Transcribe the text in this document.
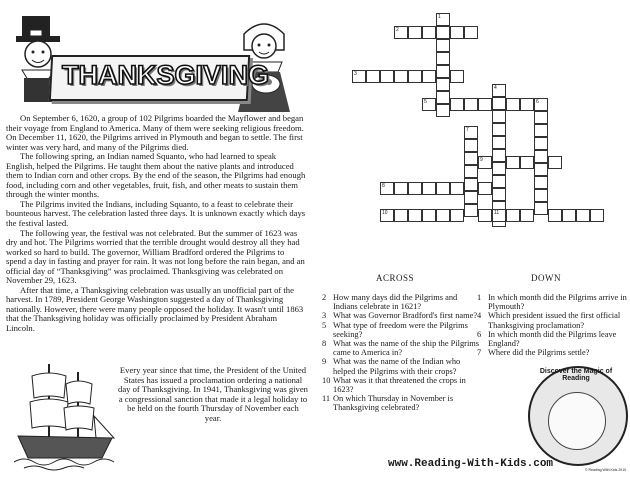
THANKSGIVING

On September 6, 1620, a group of 102 Pilgrims boarded the Mayflower and began their voyage from England to America. Many of them were seeking religious freedom. On December 11, 1620, the Pilgrims arrived in Plymouth and began to settle. The first winter was very hard, and many of the Pilgrims died.

The following spring, an Indian named Squanto, who had learned to speak English, helped the Pilgrims. He taught them about the native plants and introduced them to Indian corn and other crops. By the end of the season, the Pilgrims had enough food, including corn and other vegetables, fruit, fish, and other meats to sustain them through the winter months.

The Pilgrims invited the Indians, including Squanto, to a feast to celebrate their bounteous harvest. The celebration lasted three days. It is unknown exactly which days the festival lasted.

The following year, the festival was not celebrated. But the summer of 1623 was dry and hot. The Pilgrims worried that the terrible drought would destroy all they had worked so hard to build. The governor, William Bradford ordered the Pilgrims to spend a day in fasting and prayer for rain. It was not long before the rain began, and an official day of “Thanksgiving” was proclaimed. Thanksgiving was celebrated on November 29, 1623.

After that time, a Thanksgiving celebration was usually an unofficial part of the harvest. In 1789, President George Washington suggested a day of Thanksgiving nationally. However, there were many people opposed the holiday. It wasn't until 1863 that the Thanksgiving holiday was officially proclaimed by President Abraham Lincoln.

Every year since that time, the President of the United States has issued a proclamation ordering a national day of Thanksgiving. In 1941, Thanksgiving was given a congressional sanction that made it a legal holiday to be held on the fourth Thursday of November each year.
1
2
3
4
5	6
7
8
9
10	11
ACROSS	DOWN
2 How many days did the Pilgrims and Indians celebrate in 1621?
3 What was Governor Bradford's first name?
5 What type of freedom were the Pilgrims seeking?
8 What was the name of the ship the Pilgrims came to America in?
9 What was the name of the Indian who helped the Pilgrims with their crops?
10 What was it that threatened the crops in 1623?
11 On which Thursday in November is Thanksgiving celebrated?
1 In which month did the Pilgrims arrive in Plymouth?
4 Which president issued the first official Thanksgiving proclamation?
6 In which month did the Pilgrims leave England?
7 Where did the Pilgrims settle?
Discover the Magic of Reading
© Reading With Kids 2010
www.Reading-With-Kids.com
